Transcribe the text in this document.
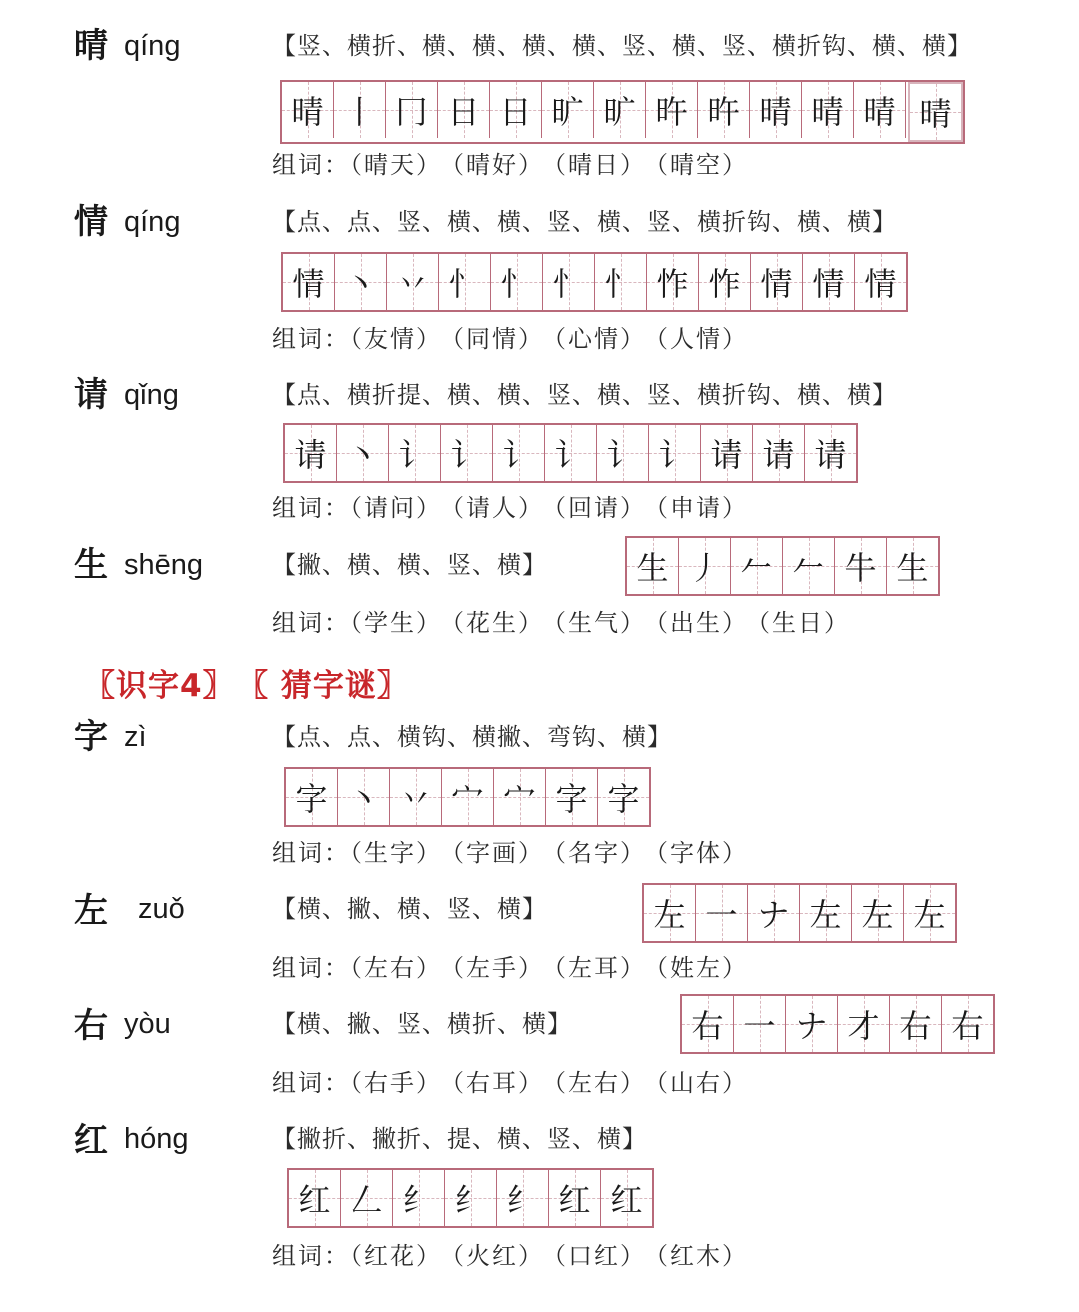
晴 qíng	【竖、横折、横、横、横、横、竖、横、竖、横折钩、横、横】
晴 丨 冂 日 日 旷 旷 旿 旿 晴 晴 晴 晴
组词：（晴天） （晴好） （晴日） （晴空）
情 qíng	【点、点、竖、横、横、竖、横、竖、横折钩、横、横】
情 丶 丷 忄 忄 忄 忄 怍 怍 情 情 情
组词：（友情） （同情） （心情） （人情）
请 qǐng	【点、横折提、横、横、竖、横、竖、横折钩、横、横】
请 丶 讠 讠 讠 讠 讠 讠 请 请 请
组词：（请问） （请人） （回请） （申请）
生 shēng	【撇、横、横、竖、横】	生 丿 𠂉 𠂉 牛 生
组词：（学生） （花生） （生气） （出生） （生日）
〖识字4〗 〖 猜字谜〗
字 zì	【点、点、横钩、横撇、弯钩、横】
字 丶 丷 宀 宀 字 字
组词：（生字） （字画） （名字） （字体）
左 zuǒ	【横、撇、横、竖、横】	左 一 ナ 左 左 左
组词：（左右） （左手） （左耳） （姓左）
右 yòu	【横、撇、竖、横折、横】	右 一 ナ 才 右 右
组词：（右手） （右耳） （左右） （山右）
红 hóng	【撇折、撇折、提、横、竖、横】
红 𠃋 纟 纟 纟 红 红
组词：（红花） （火红） （口红） （红木）
